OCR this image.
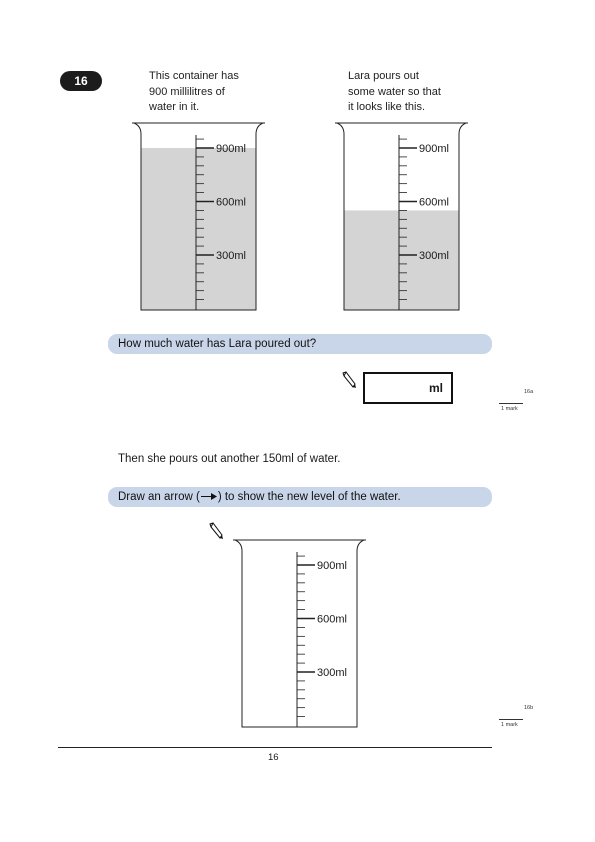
16	This container has
900 millilitres of
water in it.
Lara pours out
some water so that
it looks like this.
900ml
600ml
300ml
900ml
600ml
300ml
900ml
600ml
300ml
How much water has Lara poured out?
ml	16a
1 mark
Then she pours out another 150ml of water.
Draw an arrow ( ) to show the new level of the water.
16b
1 mark
16
